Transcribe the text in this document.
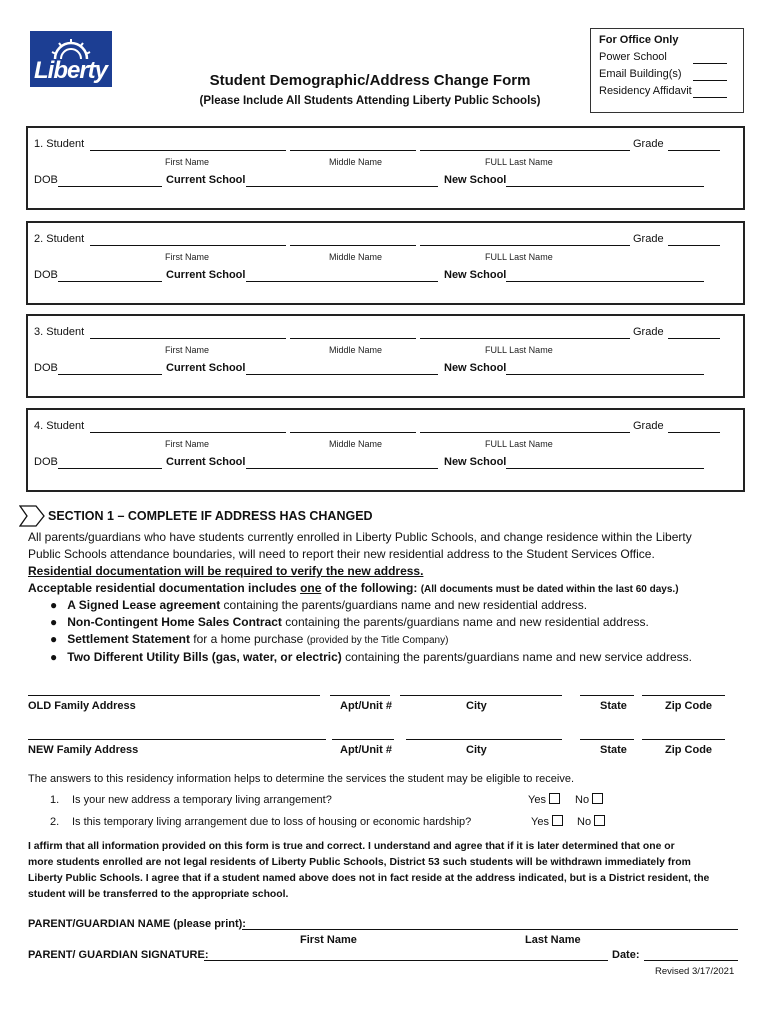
Liberty	Student Demographic/Address Change Form
(Please Include All Students Attending Liberty Public Schools)
For Office Only
Power School
Email Building(s)
Residency Affidavit
1. Student	Grade
First Name	Middle Name	FULL Last Name
DOB	Current School	New School
2. Student	Grade
First Name	Middle Name	FULL Last Name
DOB	Current School	New School
3. Student	Grade
First Name	Middle Name	FULL Last Name
DOB	Current School	New School
4. Student	Grade
First Name	Middle Name	FULL Last Name
DOB	Current School	New School
SECTION 1 – COMPLETE IF ADDRESS HAS CHANGED
All parents/guardians who have students currently enrolled in Liberty Public Schools, and change residence within the Liberty
Public Schools attendance boundaries, will need to report their new residential address to the Student Services Office.
Residential documentation will be required to verify the new address.
Acceptable residential documentation includes one of the following: (All documents must be dated within the last 60 days.)
●   A Signed Lease agreement containing the parents/guardians name and new residential address.
●   Non-Contingent Home Sales Contract containing the parents/guardians name and new residential address.
●   Settlement Statement for a home purchase (provided by the Title Company)
●   Two Different Utility Bills (gas, water, or electric) containing the parents/guardians name and new service address.
OLD Family Address	Apt/Unit #	City	State	Zip Code
NEW Family Address	Apt/Unit #	City	State	Zip Code
The answers to this residency information helps to determine the services the student may be eligible to receive.
1. Is your new address a temporary living arrangement?	Yes	No
2. Is this temporary living arrangement due to loss of housing or economic hardship?	Yes	No
I affirm that all information provided on this form is true and correct. I understand and agree that if it is later determined that one or
more students enrolled are not legal residents of Liberty Public Schools, District 53 such students will be withdrawn immediately from
Liberty Public Schools. I agree that if a student named above does not in fact reside at the address indicated, but is a District resident, the
student will be transferred to the appropriate school.
PARENT/GUARDIAN NAME (please print):
First Name	Last Name
PARENT/ GUARDIAN SIGNATURE:	Date:
Revised 3/17/2021
